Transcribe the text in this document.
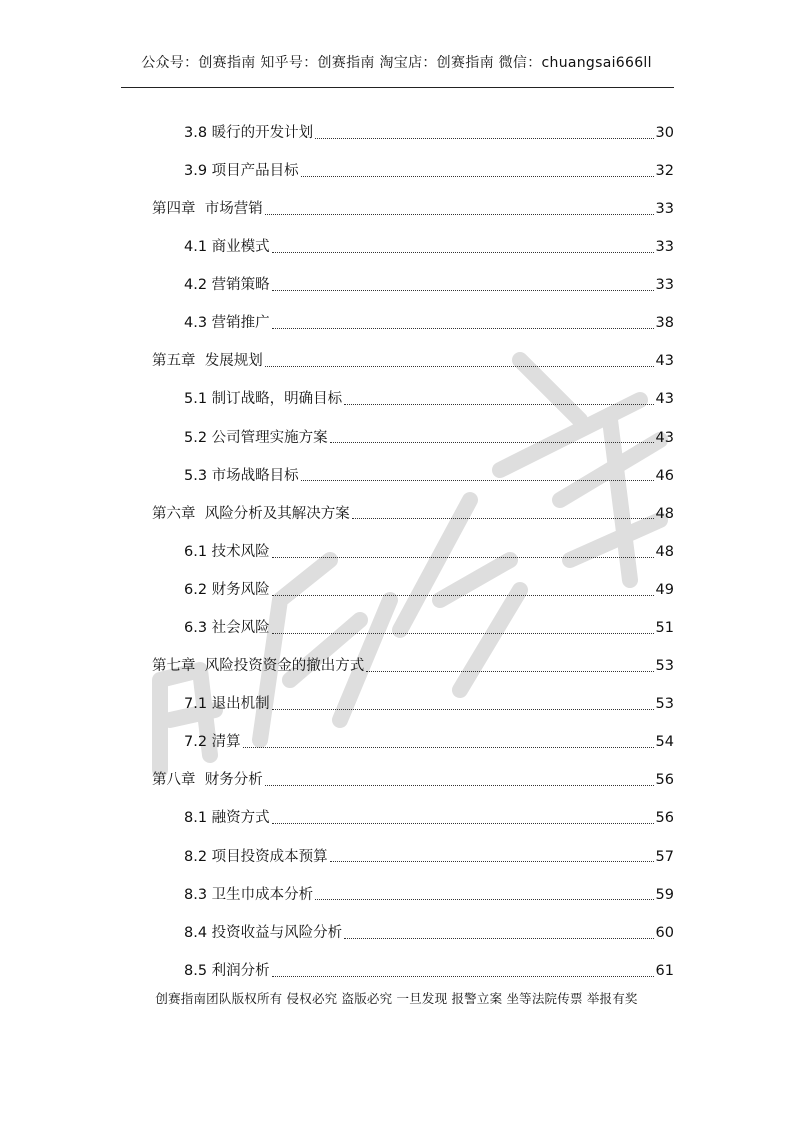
公众号：创赛指南 知乎号：创赛指南 淘宝店：创赛指南 微信：chuangsai666ll
3.8 暖行的开发计划	30
3.9 项目产品目标	32
第四章  市场营销	33
4.1 商业模式	33
4.2 营销策略	33
4.3 营销推广	38
第五章  发展规划	43
5.1 制订战略，明确目标	43
5.2 公司管理实施方案	43
5.3 市场战略目标	46
第六章  风险分析及其解决方案	48
6.1 技术风险	48
6.2 财务风险	49
6.3 社会风险	51
第七章  风险投资资金的撤出方式	53
7.1 退出机制	53
7.2 清算	54
第八章  财务分析	56
8.1 融资方式	56
8.2 项目投资成本预算	57
8.3 卫生巾成本分析	59
8.4 投资收益与风险分析	60
8.5 利润分析	61
创赛指南团队版权所有 侵权必究 盗版必究 一旦发现 报警立案 坐等法院传票 举报有奖
